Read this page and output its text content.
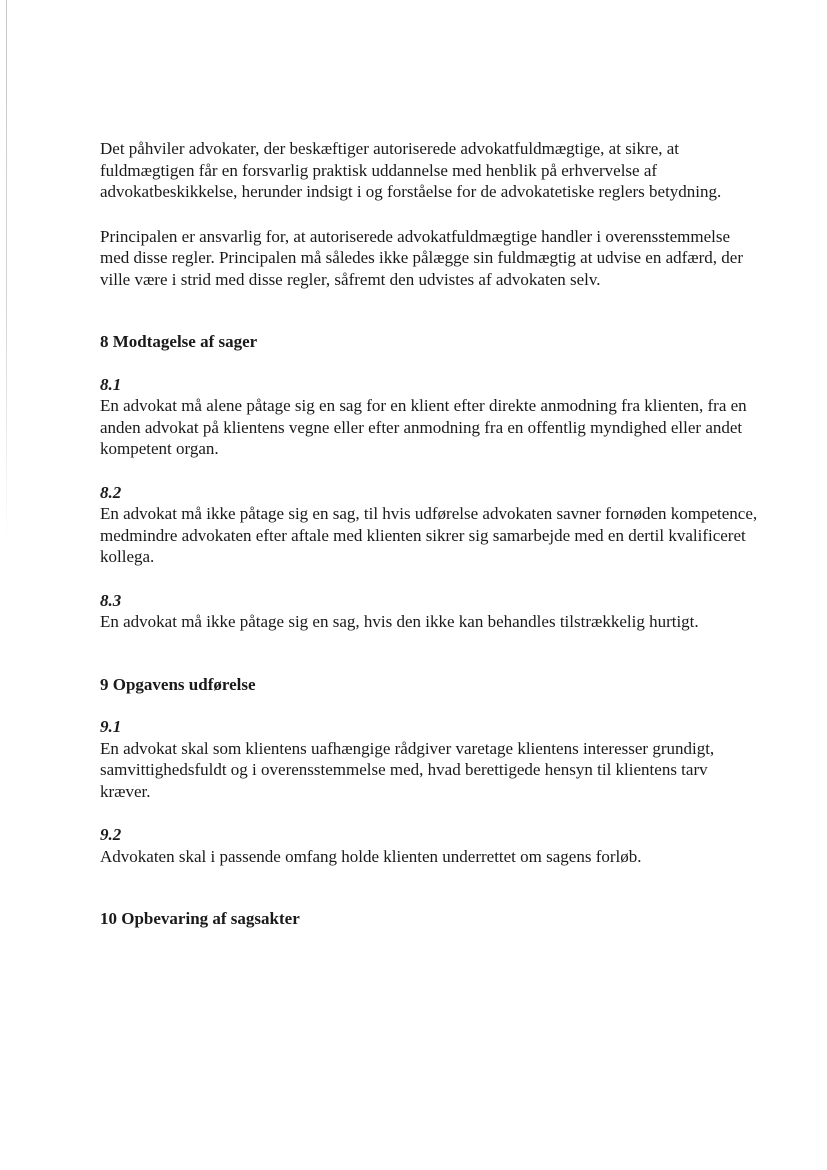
Det påhviler advokater, der beskæftiger autoriserede advokatfuldmægtige, at sikre, at fuldmægtigen får en forsvarlig praktisk uddannelse med henblik på erhvervelse af advokatbeskikkelse, herunder indsigt i og forståelse for de advokatetiske reglers betydning.

Principalen er ansvarlig for, at autoriserede advokatfuldmægtige handler i overensstemmelse med disse regler. Principalen må således ikke pålægge sin fuldmægtig at udvise en adfærd, der ville være i strid med disse regler, såfremt den udvistes af advokaten selv.

8 Modtagelse af sager

8.1

En advokat må alene påtage sig en sag for en klient efter direkte anmodning fra klienten, fra en anden advokat på klientens vegne eller efter anmodning fra en offentlig myndighed eller andet kompetent organ.

8.2

En advokat må ikke påtage sig en sag, til hvis udførelse advokaten savner fornøden kompetence, medmindre advokaten efter aftale med klienten sikrer sig samarbejde med en dertil kvalificeret kollega.

8.3

En advokat må ikke påtage sig en sag, hvis den ikke kan behandles tilstrækkelig hurtigt.

9 Opgavens udførelse

9.1

En advokat skal som klientens uafhængige rådgiver varetage klientens interesser grundigt, samvittighedsfuldt og i overensstemmelse med, hvad berettigede hensyn til klientens tarv kræver.

9.2

Advokaten skal i passende omfang holde klienten underrettet om sagens forløb.

10 Opbevaring af sagsakter
